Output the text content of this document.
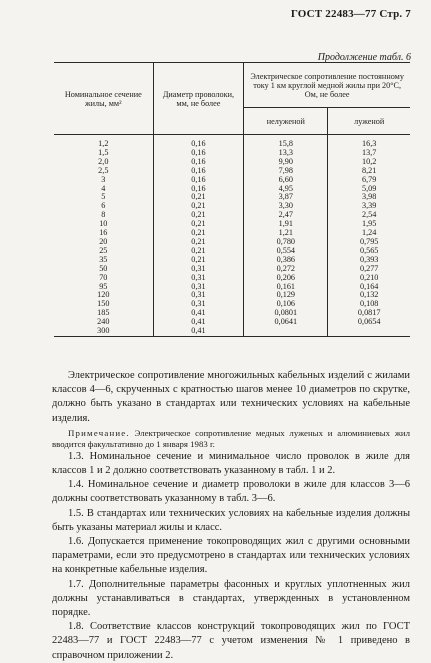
ГОСТ 22483—77 Стр. 7
Продолжение табл. 6
Номинальное сечение жилы, мм²	Диаметр проволоки, мм, не более	Электрическое сопротивление постоянному току 1 км круглой медной жилы при 20°C, Ом, не более	
		нелуженой	луженой
1,2	0,16	15,8	16,3
1,5	0,16	13,3	13,7
2,0	0,16	9,90	10,2
2,5	0,16	7,98	8,21
3	0,16	6,60	6,79
4	0,16	4,95	5,09
5	0,21	3,87	3,98
6	0,21	3,30	3,39
8	0,21	2,47	2,54
10	0,21	1,91	1,95
16	0,21	1,21	1,24
20	0,21	0,780	0,795
25	0,21	0,554	0,565
35	0,21	0,386	0,393
50	0,31	0,272	0,277
70	0,31	0,206	0,210
95	0,31	0,161	0,164
120	0,31	0,129	0,132
150	0,31	0,106	0,108
185	0,41	0,0801	0,0817
240	0,41	0,0641	0,0654
300	0,41		

Электрическое сопротивление многожильных кабельных изделий с жилами классов 4—6, скрученных с кратностью шагов менее 10 диаметров по скрутке, должно быть указано в стандартах или технических условиях на кабельные изделия.

Примечание. Электрическое сопротивление медных луженых и алюминиевых жил вводится факультативно до 1 января 1983 г.

1.3. Номинальное сечение и минимальное число проволок в жиле для классов 1 и 2 должно соответствовать указанному в табл. 1 и 2.

1.4. Номинальное сечение и диаметр проволоки в жиле для классов 3—6 должны соответствовать указанному в табл. 3—6.

1.5. В стандартах или технических условиях на кабельные изделия должны быть указаны материал жилы и класс.

1.6. Допускается применение токопроводящих жил с другими основными параметрами, если это предусмотрено в стандартах или технических условиях на конкретные кабельные изделия.

1.7. Дополнительные параметры фасонных и круглых уплотненных жил должны устанавливаться в стандартах, утвержденных в установленном порядке.

1.8. Соответствие классов конструкций токопроводящих жил по ГОСТ 22483—77 и ГОСТ 22483—77 с учетом изменения № 1 приведено в справочном приложении 2.
